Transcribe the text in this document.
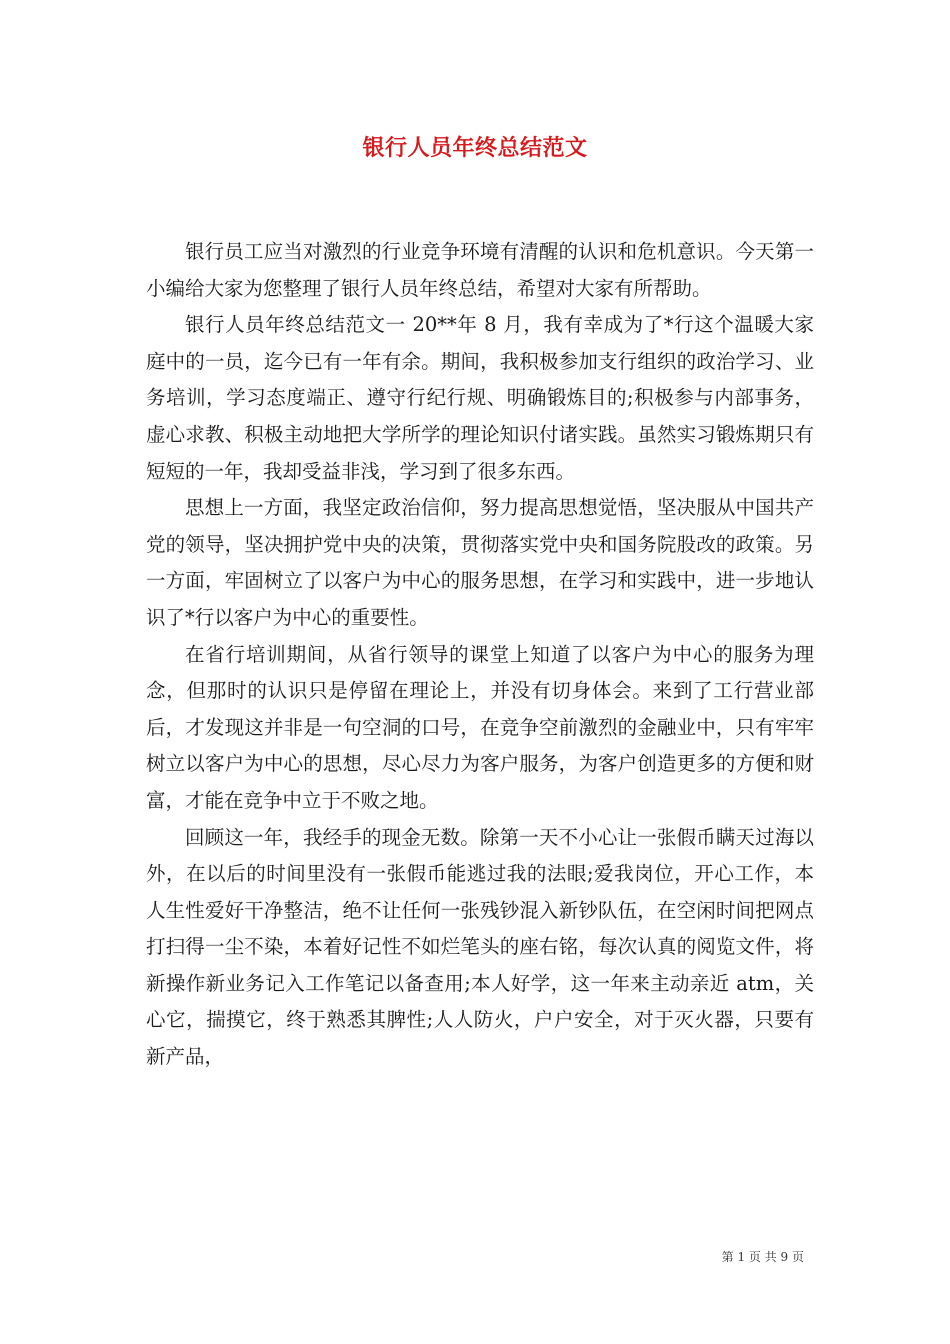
银行人员年终总结范文

银行员工应当对激烈的行业竞争环境有清醒的认识和危机意识。今天第一小编给大家为您整理了银行人员年终总结，希望对大家有所帮助。

银行人员年终总结范文一 20**年 8 月，我有幸成为了*行这个温暖大家庭中的一员，迄今已有一年有余。期间，我积极参加支行组织的政治学习、业务培训，学习态度端正、遵守行纪行规、明确锻炼目的;积极参与内部事务，虚心求教、积极主动地把大学所学的理论知识付诸实践。虽然实习锻炼期只有短短的一年，我却受益非浅，学习到了很多东西。

思想上一方面，我坚定政治信仰，努力提高思想觉悟，坚决服从中国共产党的领导，坚决拥护党中央的决策，贯彻落实党中央和国务院股改的政策。另一方面，牢固树立了以客户为中心的服务思想，在学习和实践中，进一步地认识了*行以客户为中心的重要性。

在省行培训期间，从省行领导的课堂上知道了以客户为中心的服务为理念，但那时的认识只是停留在理论上，并没有切身体会。来到了工行营业部后，才发现这并非是一句空洞的口号，在竞争空前激烈的金融业中，只有牢牢树立以客户为中心的思想，尽心尽力为客户服务，为客户创造更多的方便和财富，才能在竞争中立于不败之地。

回顾这一年，我经手的现金无数。除第一天不小心让一张假币瞒天过海以外，在以后的时间里没有一张假币能逃过我的法眼;爱我岗位，开心工作，本人生性爱好干净整洁，绝不让任何一张残钞混入新钞队伍，在空闲时间把网点打扫得一尘不染，本着好记性不如烂笔头的座右铭，每次认真的阅览文件，将新操作新业务记入工作笔记以备查用;本人好学，这一年来主动亲近 atm，关心它，揣摸它，终于熟悉其脾性;人人防火，户户安全，对于灭火器，只要有新产品，

第 1 页 共 9 页
